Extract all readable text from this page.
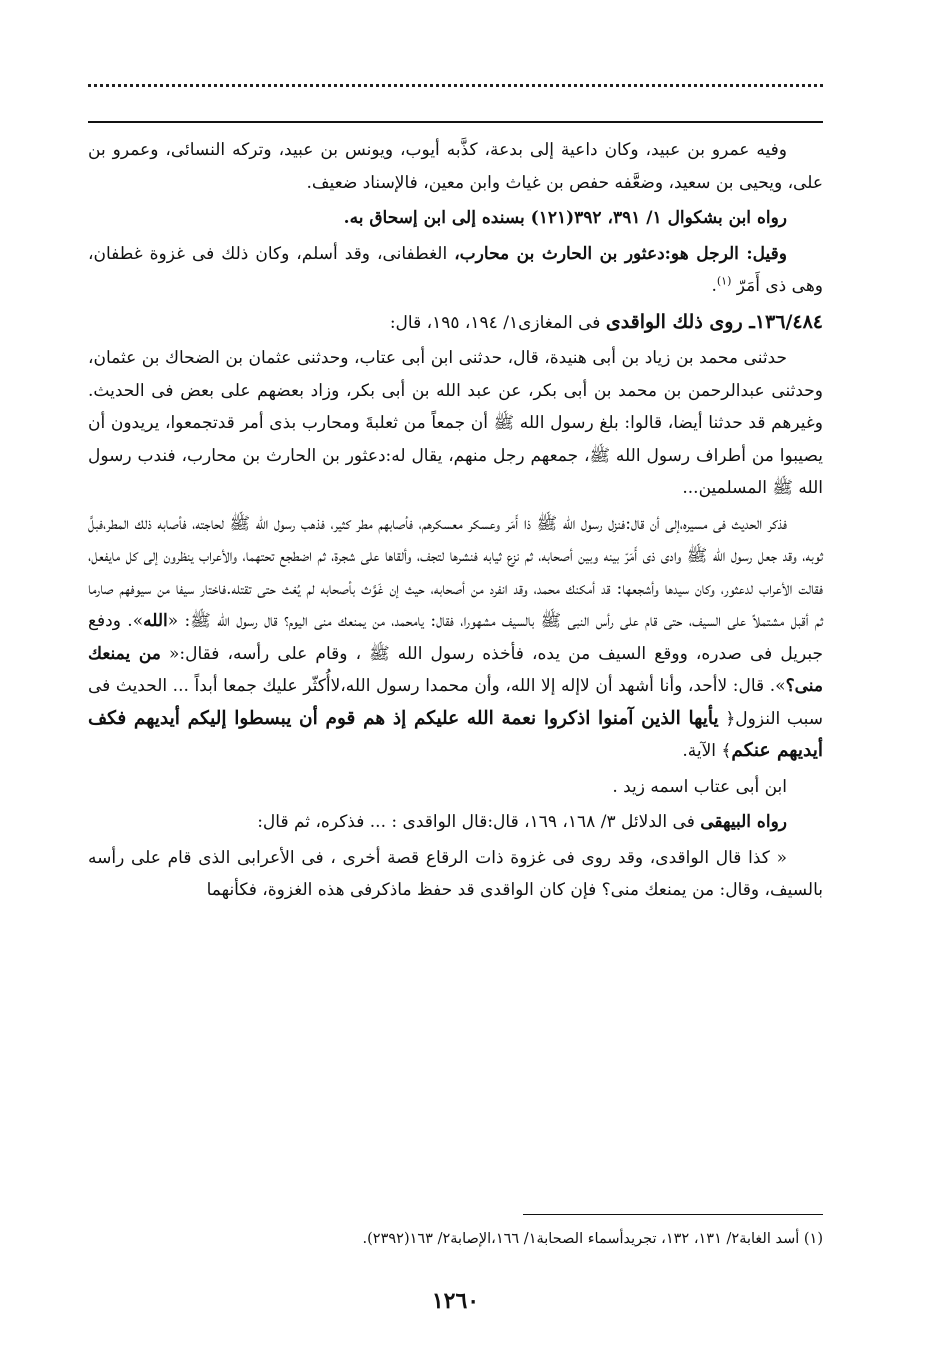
وفيه عمرو بن عبيد، وكان داعية إلى بدعة، كذَّبه أيوب، ويونس بن عبيد، وتركه النسائى، وعمرو بن على، ويحيى بن سعيد، وضعَّفه حفص بن غياث وابن معين، فالإسناد ضعيف.

رواه ابن بشكوال ١/ ٣٩١، ٣٩٢(١٢١) بسنده إلى ابن إسحاق به.

وقيل: الرجل هو:دعثور بن الحارث بن محارب، الغطفانى، وقد أسلم، وكان ذلك فى غزوة غطفان، وهى ذى أَمَرّ $^{(١)}$.

١٣٦/٤٨٤ـ روى ذلك الواقدى فى المغازى١/ ١٩٤، ١٩٥، قال:

حدثنى محمد بن زياد بن أبى هنيدة، قال، حدثنى ابن أبى عتاب، وحدثنى عثمان بن الضحاك بن عثمان، وحدثنى عبدالرحمن بن محمد بن أبى بكر، عن عبد الله بن أبى بكر، وزاد بعضهم على بعض فى الحديث. وغيرهم قد حدثنا أيضا، قالوا: بلغ رسول الله ﷺ أن جمعاً من ثعلبةَ ومحارب بذى أمر قدتجمعوا، يريدون أن يصيبوا من أطراف رسول الله ﷺ، جمعهم رجل منهم، يقال له:دعثور بن الحارث بن محارب، فندب رسول الله ﷺ المسلمين...

فذكر الحديث فى مسيره،إلى أن قال:فنزل رسول الله ﷺ ذا أَمَر وعسكر معسكرهم، فأصابهم مطر كثير، فذهب رسول الله ﷺ لحاجته، فأصابه ذلك المطر،فبلَّ ثوبه، وقد جعل رسول الله ﷺ وادى ذى أَمَرّ بينه وبين أصحابه، ثم نزع ثيابه فنشرها لتجف، وألقاها على شجرة، ثم اضطجع تحتهما، والأعراب ينظرون إلى كل مايفعل، فقالت الأعراب لدعثور، وكان سيدها وأشجعها: قد أمكنك محمد، وقد انفرد من أصحابه، حيث إن غَوَّث بأصحابه لم يُغث حتى تقتله.فاختار سيفا من سيوفهم صارما ثم أقبل مشتملاً على السيف، حتى قام على رأس النبى ﷺ بالسيف مشهورا، فقال: يامحمد، من يمنعك منى اليوم؟ قال رسول الله ﷺ: «الله». ودفع جبريل فى صدره، ووقع السيف من يده، فأخذه رسول الله ﷺ ، وقام على رأسه، فقال:« من يمنعك منى؟». قال: لاأحد، وأنا أشهد أن لاإله إلا الله، وأن محمدا رسول الله،لاأُكثّر عليك جمعا أبداً ... الحديث فى سبب النزول﴿ يأيها الذين آمنوا اذكروا نعمة الله عليكم إذ هم قوم أن يبسطوا إليكم أيديهم فكف أيديهم عنكم﴾ الآية.

ابن أبى عتاب اسمه زيد .

رواه البيهقى فى الدلائل ٣/ ١٦٨، ١٦٩، قال:قال الواقدى : ... فذكره، ثم قال:

« كذا قال الواقدى، وقد روى فى غزوة ذات الرقاع قصة أخرى ، فى الأعرابى الذى قام على رأسه بالسيف، وقال: من يمنعك منى؟ فإن كان الواقدى قد حفظ ماذكرفى هذه الغزوة، فكأنهما

(١) أسد الغابة٢/ ١٣١، ١٣٢، تجريدأسماء الصحابة١/ ١٦٦،الإصابة٢/ ١٦٣(٢٣٩٢).
١٢٦٠
